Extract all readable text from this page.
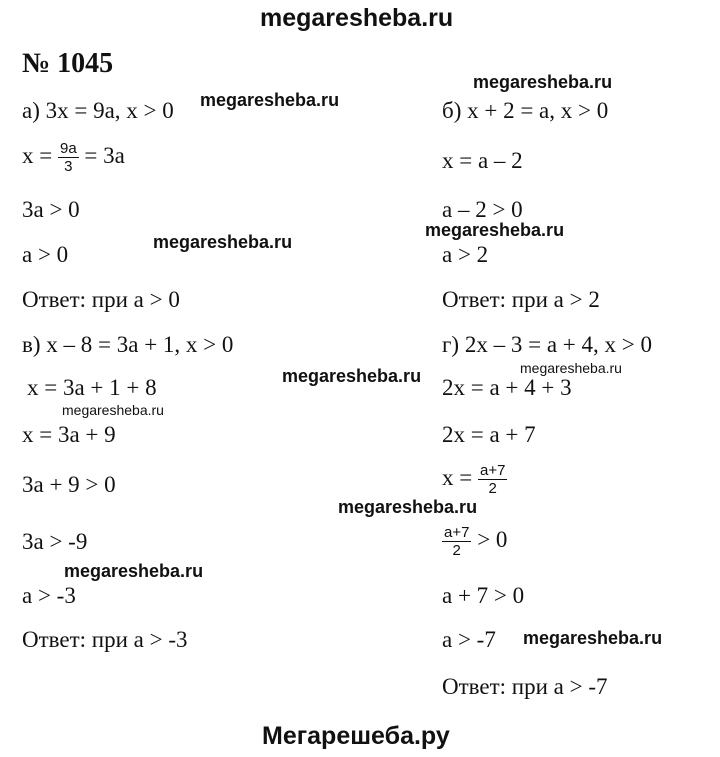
megaresheba.ru
Мегарешеба.ру
№ 1045
а) 3x = 9a, x > 0
$x = \frac{9a}{3} = 3a$
3a > 0
a > 0
Ответ: при a > 0
в) x – 8 = 3a + 1, x > 0
x = 3a + 1 + 8
x = 3a + 9
3a + 9 > 0
3a > -9
a > -3
Ответ: при a > -3
б) x + 2 = a, x > 0
x = a – 2
a – 2 > 0
a > 2
Ответ: при a > 2
г) 2x – 3 = a + 4, x > 0
2x = a + 4 + 3
2x = a + 7
$x = \frac{a+7}{2}$
$\frac{a+7}{2} > 0$
a + 7 > 0
a > -7
Ответ: при a > -7
megaresheba.ru
megaresheba.ru
megaresheba.ru
megaresheba.ru
megaresheba.ru
megaresheba.ru
megaresheba.ru
megaresheba.ru
megaresheba.ru
megaresheba.ru
